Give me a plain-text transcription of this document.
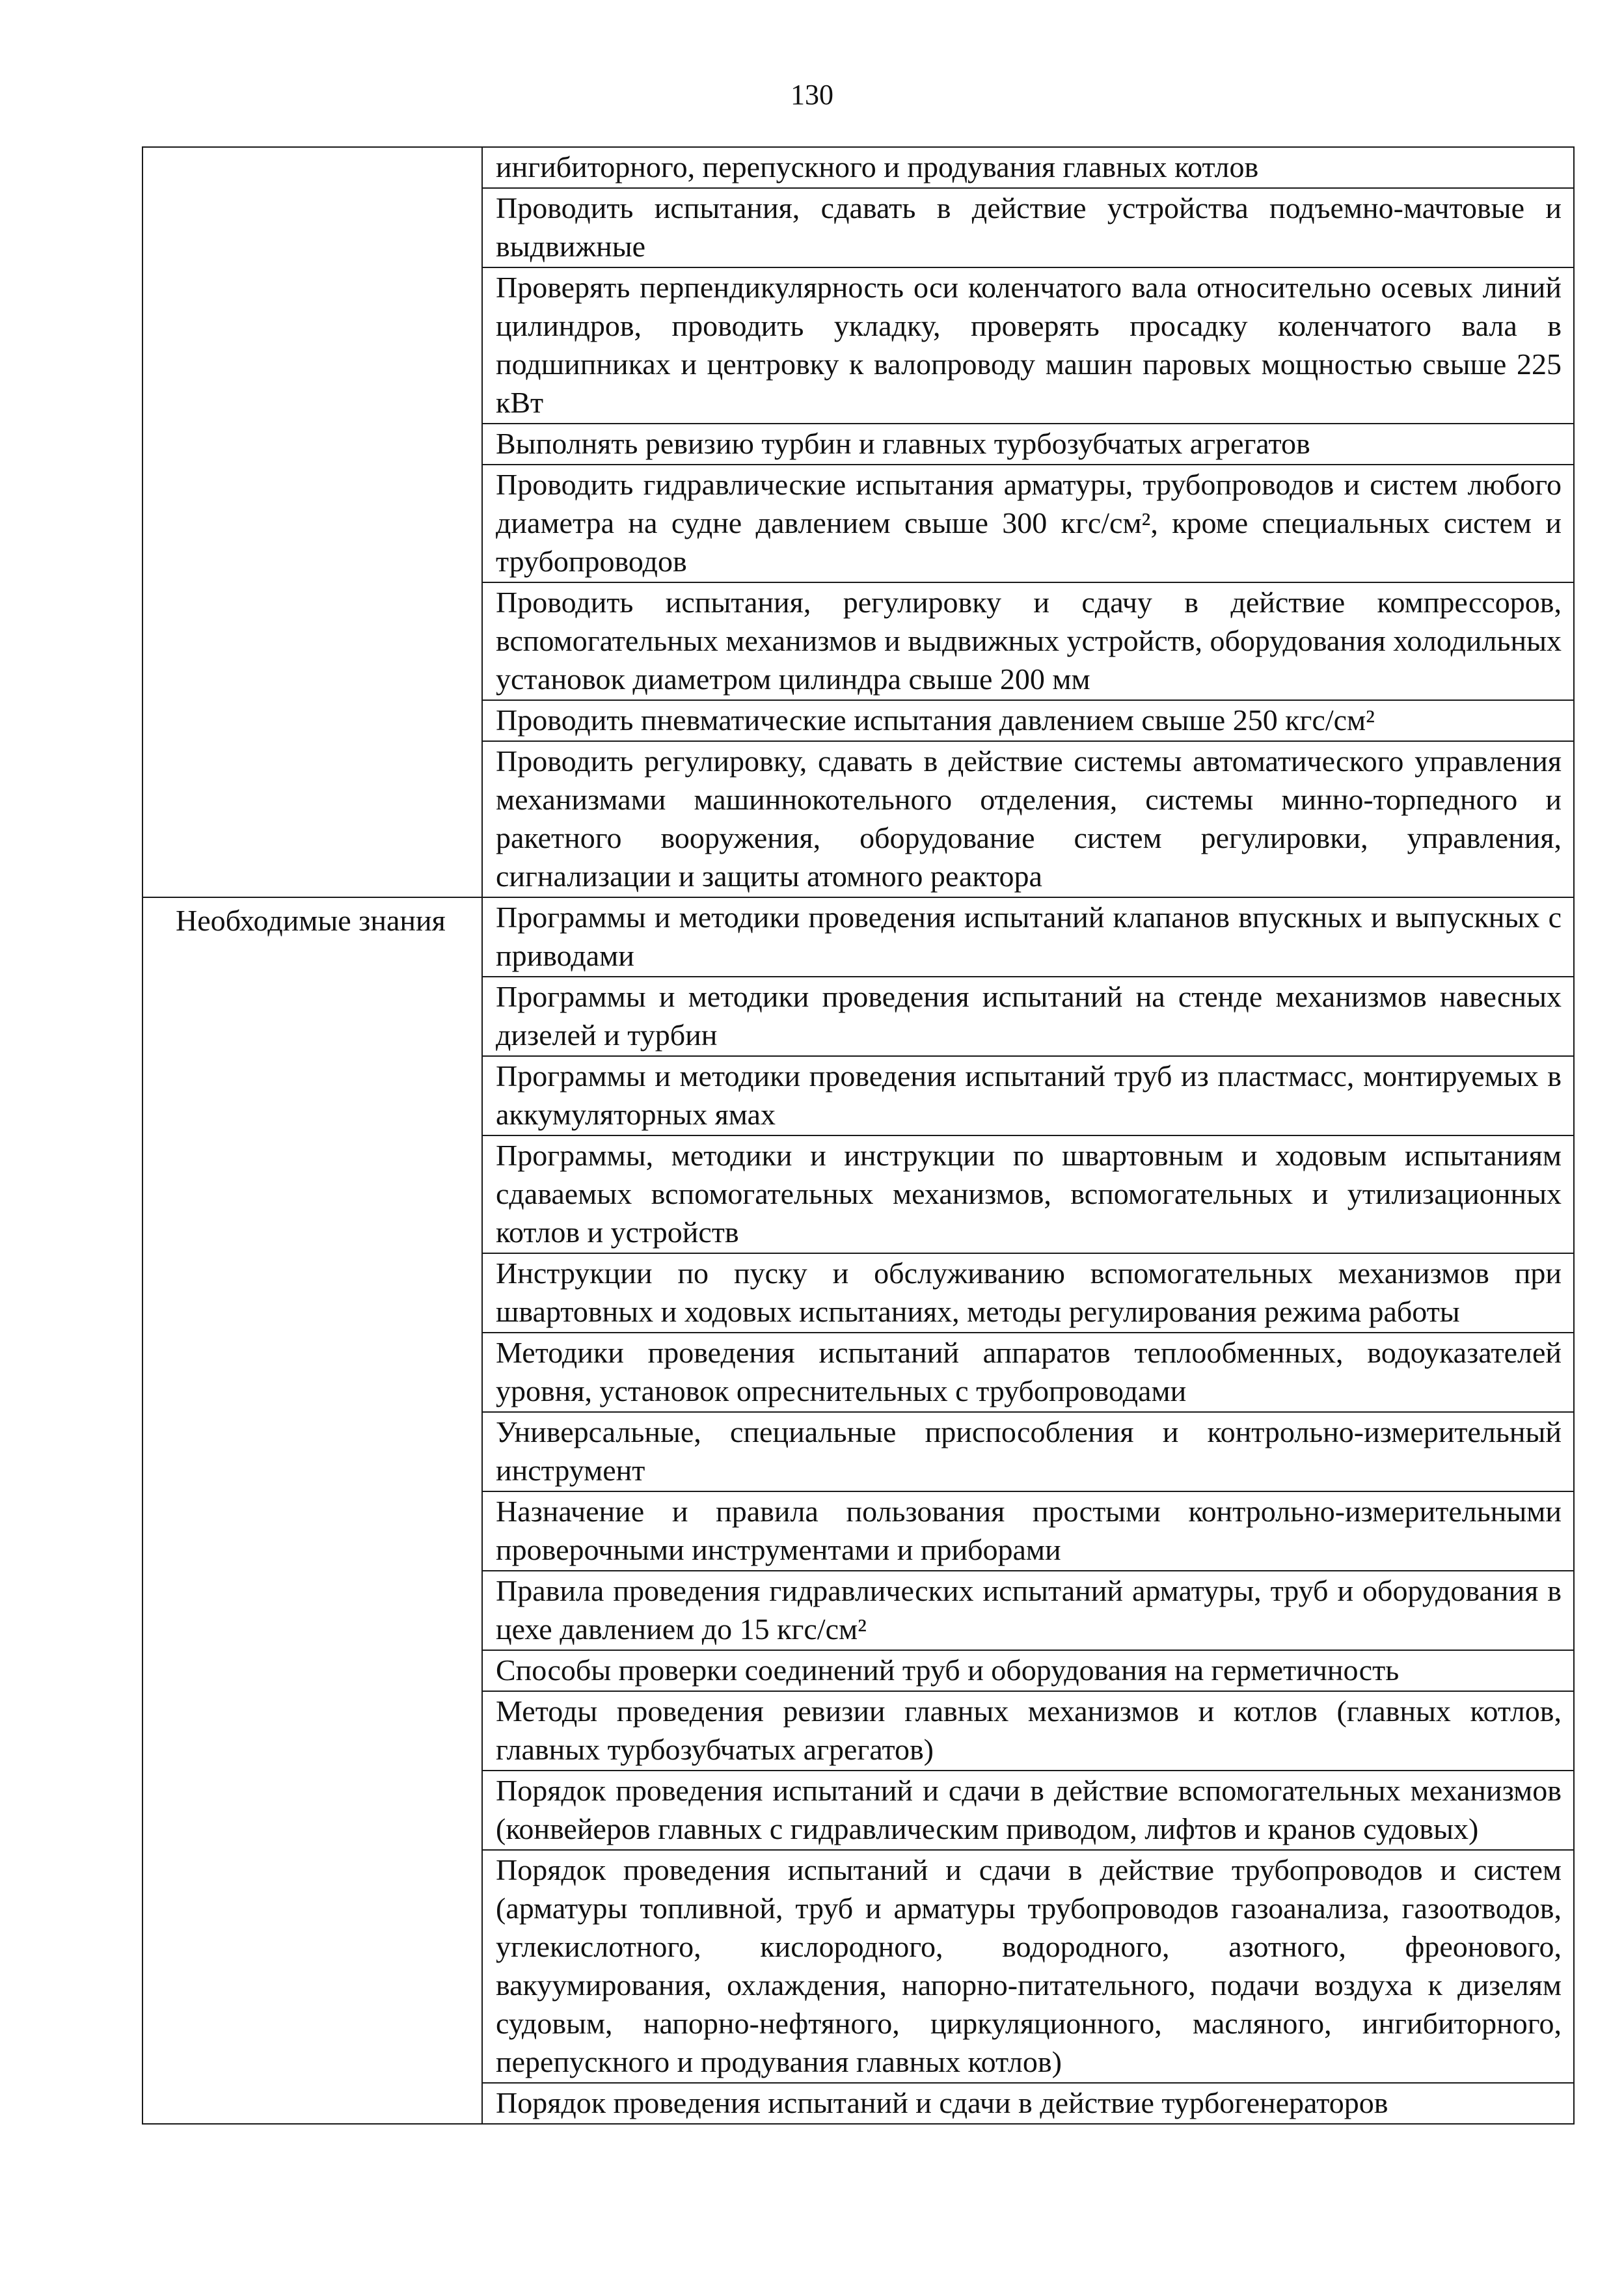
130
	ингибиторного, перепускного и продувания главных котлов
	Проводить испытания, сдавать в действие устройства подъемно-мачтовые и выдвижные
	Проверять перпендикулярность оси коленчатого вала относительно осевых линий цилиндров, проводить укладку, проверять просадку коленчатого вала в подшипниках и центровку к валопроводу машин паровых мощностью свыше 225 кВт
	Выполнять ревизию турбин и главных турбозубчатых агрегатов
	Проводить гидравлические испытания арматуры, трубопроводов и систем любого диаметра на судне давлением свыше 300 кгс/см², кроме специальных систем и трубопроводов
	Проводить испытания, регулировку и сдачу в действие компрессоров, вспомогательных механизмов и выдвижных устройств, оборудования холодильных установок диаметром цилиндра свыше 200 мм
	Проводить пневматические испытания давлением свыше 250 кгс/см²
	Проводить регулировку, сдавать в действие системы автоматического управления механизмами машиннокотельного отделения, системы минно-торпедного и ракетного вооружения, оборудование систем регулировки, управления, сигнализации и защиты атомного реактора
Необходимые знания	Программы и методики проведения испытаний клапанов впускных и выпускных с приводами
	Программы и методики проведения испытаний на стенде механизмов навесных дизелей и турбин
	Программы и методики проведения испытаний труб из пластмасс, монтируемых в аккумуляторных ямах
	Программы, методики и инструкции по швартовным и ходовым испытаниям сдаваемых вспомогательных механизмов, вспомогательных и утилизационных котлов и устройств
	Инструкции по пуску и обслуживанию вспомогательных механизмов при швартовных и ходовых испытаниях, методы регулирования режима работы
	Методики проведения испытаний аппаратов теплообменных, водоуказателей уровня, установок опреснительных с трубопроводами
	Универсальные, специальные приспособления и контрольно-измерительный инструмент
	Назначение и правила пользования простыми контрольно-измерительными проверочными инструментами и приборами
	Правила проведения гидравлических испытаний арматуры, труб и оборудования в цехе давлением до 15 кгс/см²
	Способы проверки соединений труб и оборудования на герметичность
	Методы проведения ревизии главных механизмов и котлов (главных котлов, главных турбозубчатых агрегатов)
	Порядок проведения испытаний и сдачи в действие вспомогательных механизмов (конвейеров главных с гидравлическим приводом, лифтов и кранов судовых)
	Порядок проведения испытаний и сдачи в действие трубопроводов и систем (арматуры топливной, труб и арматуры трубопроводов газоанализа, газоотводов, углекислотного, кислородного, водородного, азотного, фреонового, вакуумирования, охлаждения, напорно-питательного, подачи воздуха к дизелям судовым, напорно-нефтяного, циркуляционного, масляного, ингибиторного, перепускного и продувания главных котлов)
	Порядок проведения испытаний и сдачи в действие турбогенераторов
